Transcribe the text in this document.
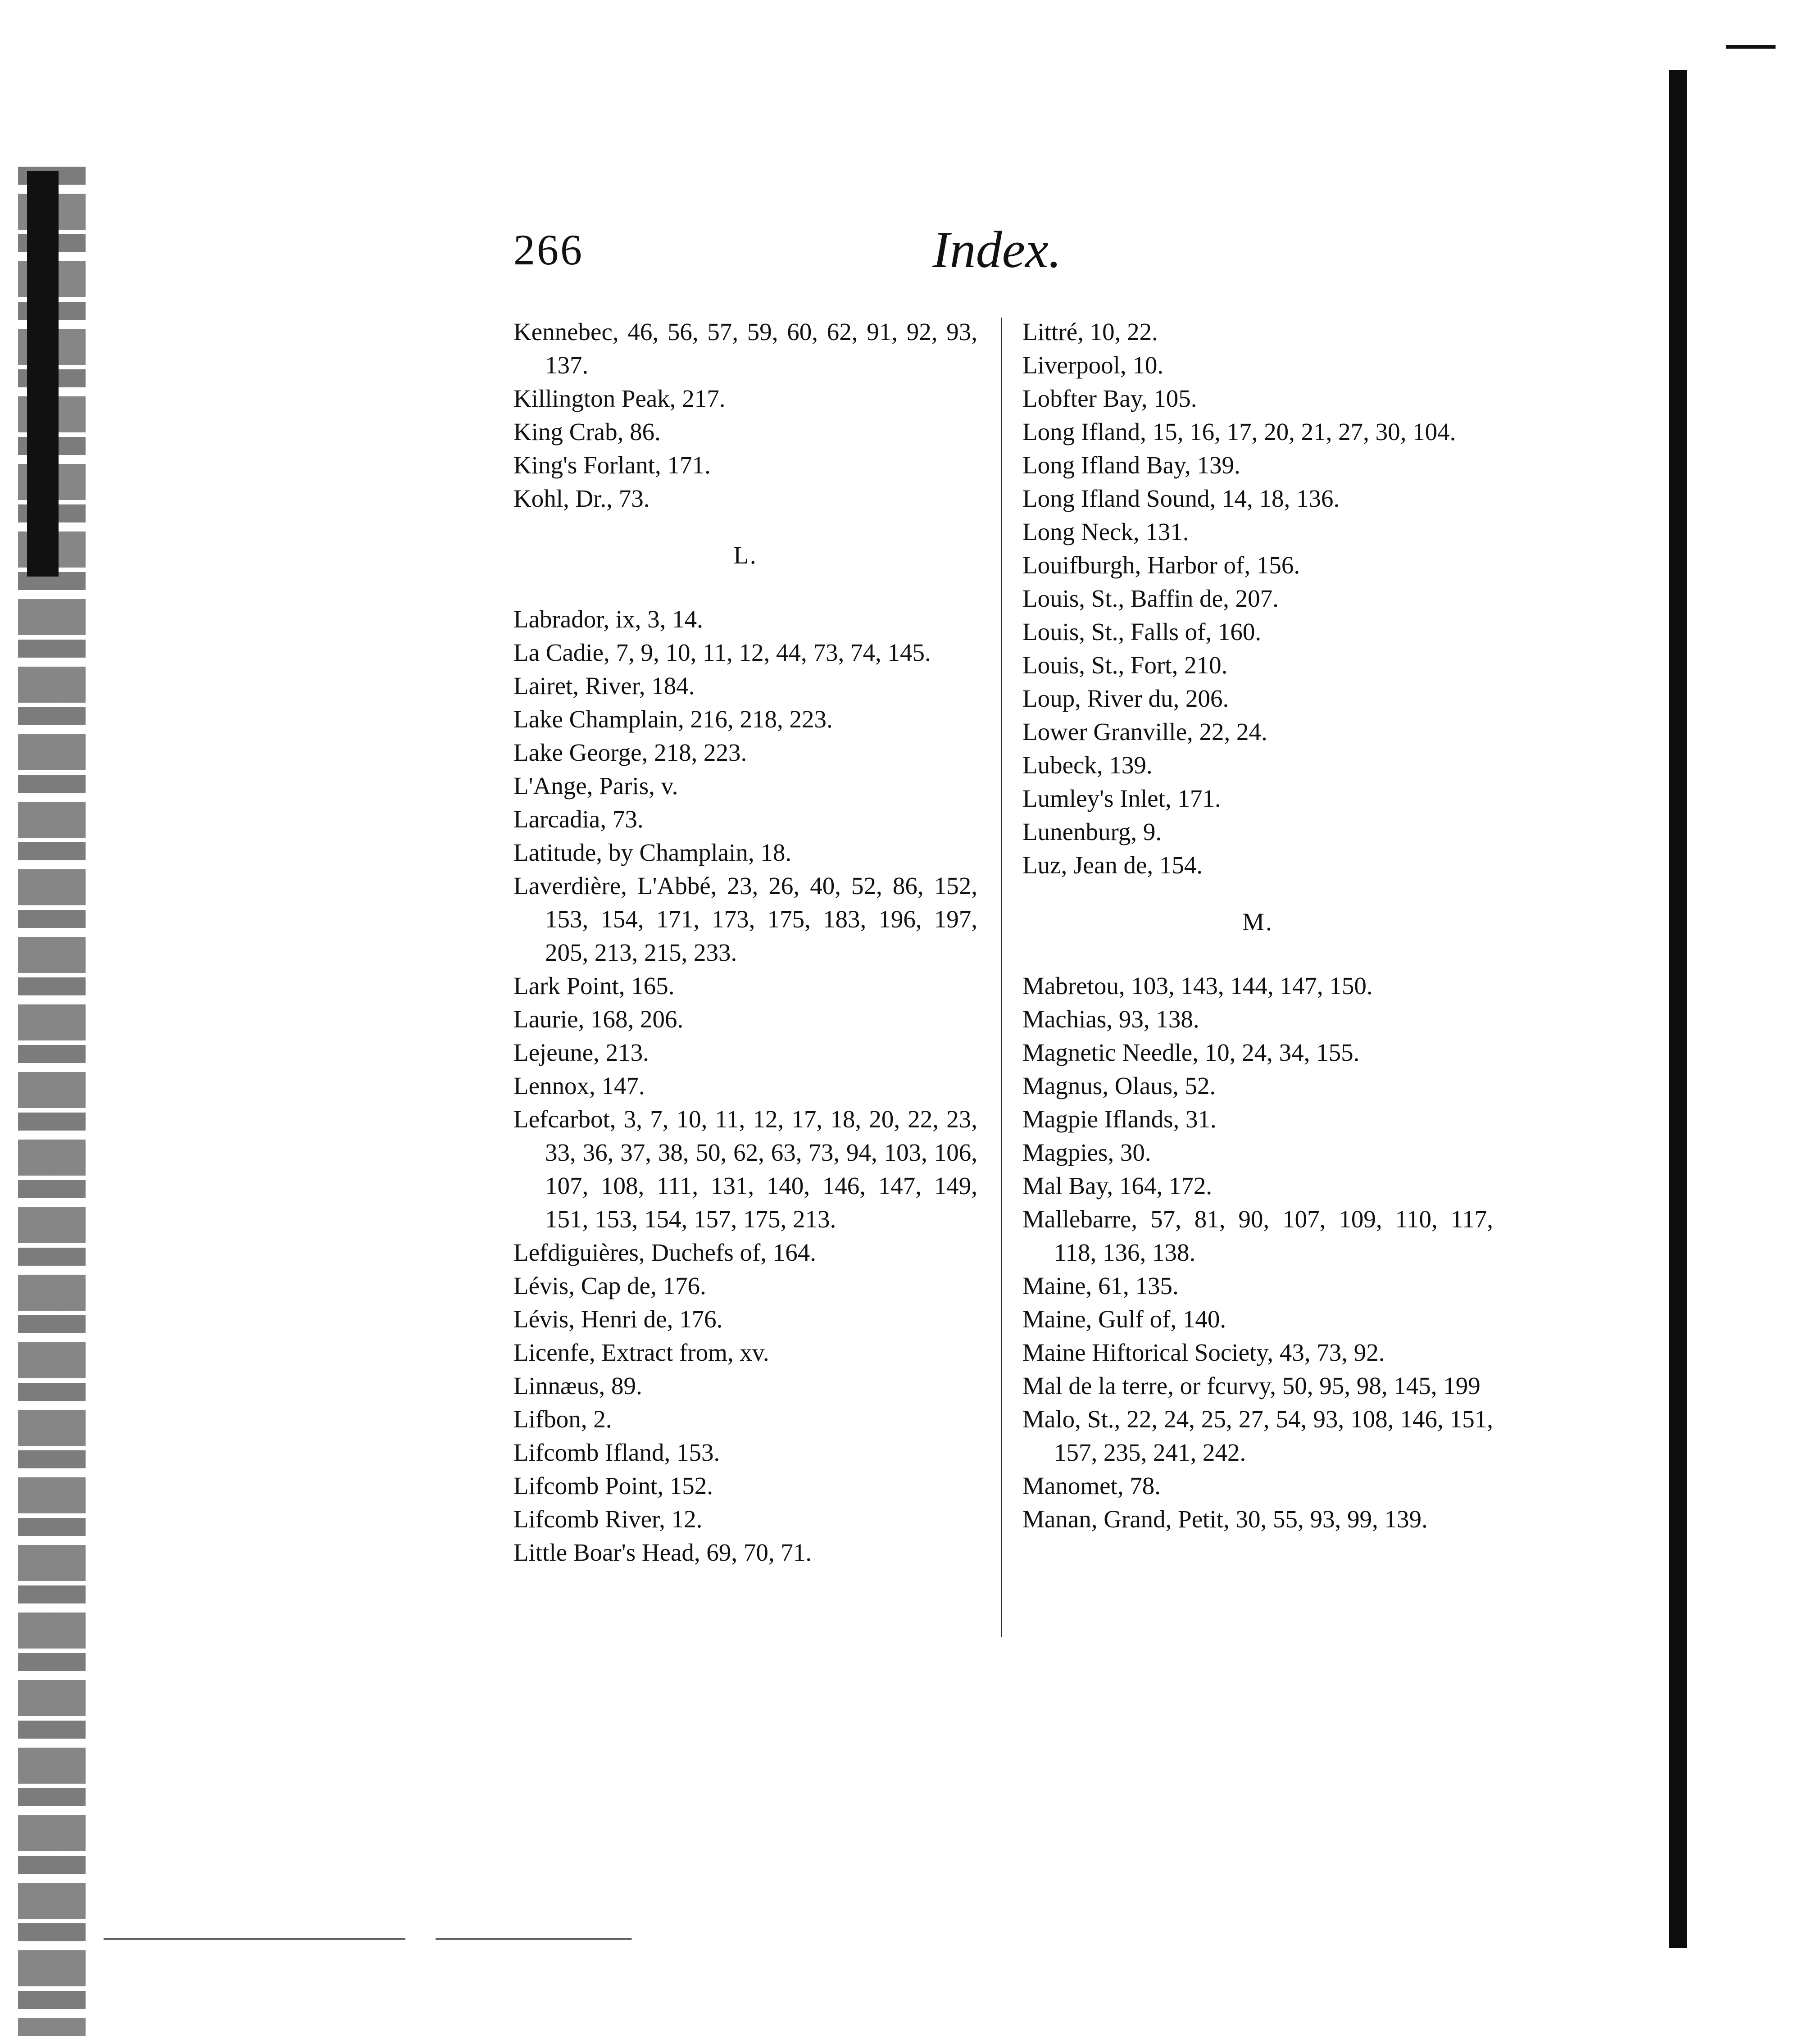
266	Index.

Kennebec, 46, 56, 57, 59, 60, 62, 91, 92, 93, 137.

Killington Peak, 217.

King Crab, 86.

King's Forlant, 171.

Kohl, Dr., 73.

L.

Labrador, ix, 3, 14.

La Cadie, 7, 9, 10, 11, 12, 44, 73, 74, 145.

Lairet, River, 184.

Lake Champlain, 216, 218, 223.

Lake George, 218, 223.

L'Ange, Paris, v.

Larcadia, 73.

Latitude, by Champlain, 18.

Laverdière, L'Abbé, 23, 26, 40, 52, 86, 152, 153, 154, 171, 173, 175, 183, 196, 197, 205, 213, 215, 233.

Lark Point, 165.

Laurie, 168, 206.

Lejeune, 213.

Lennox, 147.

Lefcarbot, 3, 7, 10, 11, 12, 17, 18, 20, 22, 23, 33, 36, 37, 38, 50, 62, 63, 73, 94, 103, 106, 107, 108, 111, 131, 140, 146, 147, 149, 151, 153, 154, 157, 175, 213.

Lefdiguières, Duchefs of, 164.

Lévis, Cap de, 176.

Lévis, Henri de, 176.

Licenfe, Extract from, xv.

Linnæus, 89.

Lifbon, 2.

Lifcomb Ifland, 153.

Lifcomb Point, 152.

Lifcomb River, 12.

Little Boar's Head, 69, 70, 71.

Littré, 10, 22.

Liverpool, 10.

Lobfter Bay, 105.

Long Ifland, 15, 16, 17, 20, 21, 27, 30, 104.

Long Ifland Bay, 139.

Long Ifland Sound, 14, 18, 136.

Long Neck, 131.

Louifburgh, Harbor of, 156.

Louis, St., Baffin de, 207.

Louis, St., Falls of, 160.

Louis, St., Fort, 210.

Loup, River du, 206.

Lower Granville, 22, 24.

Lubeck, 139.

Lumley's Inlet, 171.

Lunenburg, 9.

Luz, Jean de, 154.

M.

Mabretou, 103, 143, 144, 147, 150.

Machias, 93, 138.

Magnetic Needle, 10, 24, 34, 155.

Magnus, Olaus, 52.

Magpie Iflands, 31.

Magpies, 30.

Mal Bay, 164, 172.

Mallebarre, 57, 81, 90, 107, 109, 110, 117, 118, 136, 138.

Maine, 61, 135.

Maine, Gulf of, 140.

Maine Hiftorical Society, 43, 73, 92.

Mal de la terre, or fcurvy, 50, 95, 98, 145, 199

Malo, St., 22, 24, 25, 27, 54, 93, 108, 146, 151, 157, 235, 241, 242.

Manomet, 78.

Manan, Grand, Petit, 30, 55, 93, 99, 139.
